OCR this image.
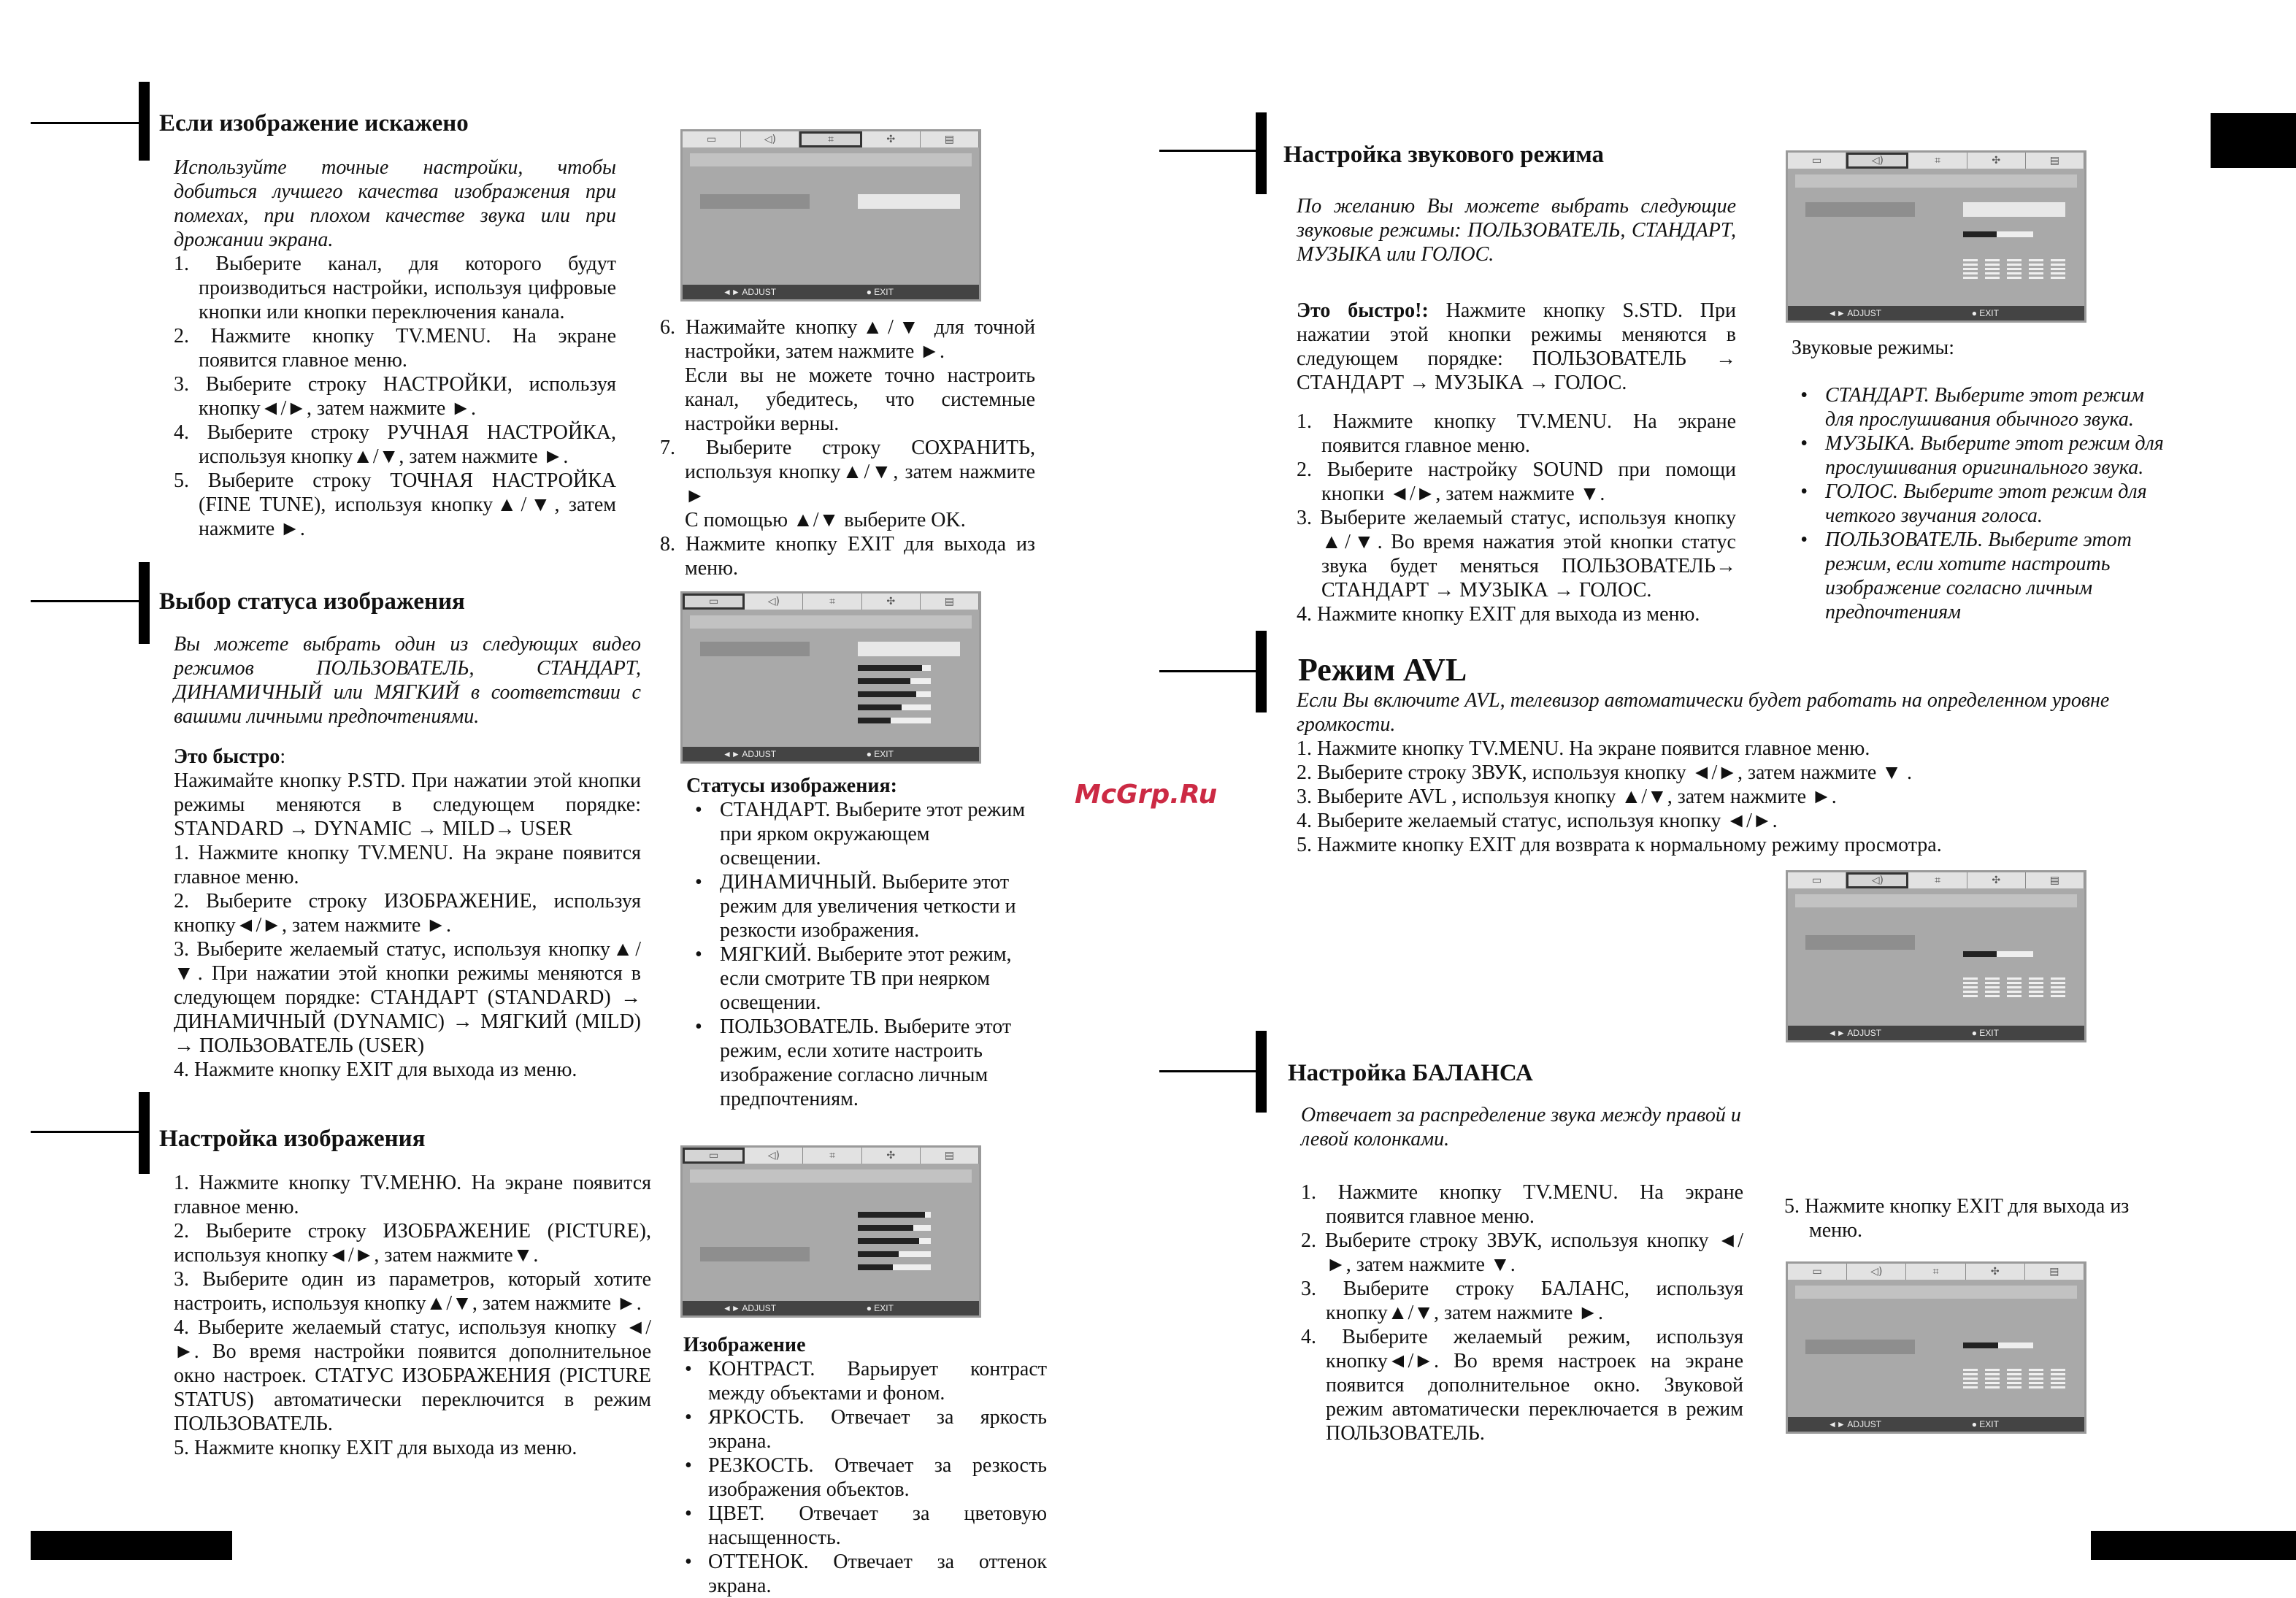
McGrp.Ru
Если изображение искажено

Используйте точные настройки, чтобы добиться лучшего качества изображения при помехах, при плохом качестве звука или при дрожании экрана.

1. Выберите канал, для которого будут производиться настройки, используя цифровые кнопки или кнопки переключения канала.

2. Нажмите кнопку TV.MENU. На экране появится главное меню.

3. Выберите строку НАСТРОЙКИ, используя кнопку◄/►, затем нажмите ►.

4. Выберите строку РУЧНАЯ НАСТРОЙКА, используя кнопку▲/▼, затем нажмите ►.

5. Выберите строку ТОЧНАЯ НАСТРОЙКА (FINE TUNE), используя кнопку▲/▼, затем нажмите ►.

▭	◁)	⌗	✣	▤
◄► ADJUST	● EXIT

6. Нажимайте кнопку▲/▼ для точной настройки, затем нажмите ►.

Если вы не можете точно настроить канал, убедитесь, что системные настройки верны.

7. Выберите строку СОХРАНИТЬ, используя кнопку▲/▼, затем нажмите ►

С помощью ▲/▼ выберите OK.

8. Нажмите кнопку EXIT для выхода из меню.

Выбор статуса изображения

Вы можете выбрать один из следующих видео режимов ПОЛЬЗОВАТЕЛЬ, СТАНДАРТ, ДИНАМИЧНЫЙ или МЯГКИЙ в соответствии с вашими личными предпочтениями.

Это быстро:

Нажимайте кнопку P.STD. При нажатии этой кнопки режимы меняются в следующем порядке: STANDARD → DYNAMIC → MILD→ USER

1. Нажмите кнопку TV.MENU. На экране появится главное меню.

2. Выберите строку ИЗОБРАЖЕНИЕ, используя кнопку◄/►, затем нажмите ►.

3. Выберите желаемый статус, используя кнопку▲/▼. При нажатии этой кнопки режимы меняются в следующем порядке: СТАНДАРТ (STANDARD) → ДИНАМИЧНЫЙ (DYNAMIC) → МЯГКИЙ (MILD) → ПОЛЬЗОВАТЕЛЬ (USER)

4. Нажмите кнопку EXIT для выхода из меню.

▭	◁)	⌗	✣	▤
◄► ADJUST	● EXIT

Статусы изображения:

• СТАНДАРТ. Выберите этот режим при ярком окружающем освещении.
• ДИНАМИЧНЫЙ. Выберите этот режим для увеличения четкости и резкости изображения.
• МЯГКИЙ. Выберите этот режим, если смотрите ТВ при неярком освещении.
• ПОЛЬЗОВАТЕЛЬ. Выберите этот режим, если хотите настроить изображение согласно личным предпочтениям.
Настройка изображения

1. Нажмите кнопку TV.МЕНЮ. На экране появится главное меню.

2. Выберите строку ИЗОБРАЖЕНИЕ (PICTURE), используя кнопку◄/►, затем нажмите▼.

3. Выберите один из параметров, который хотите настроить, используя кнопку▲/▼, затем нажмите ►.

4. Выберите желаемый статус, используя кнопку ◄/►. Во время настройки появится дополнительное окно настроек. СТАТУС ИЗОБРАЖЕНИЯ (PICTURE STATUS) автоматически переключится в режим ПОЛЬЗОВАТЕЛЬ.

5. Нажмите кнопку EXIT для выхода из меню.

▭	◁)	⌗	✣	▤
◄► ADJUST	● EXIT

Изображение

• КОНТРАСТ. Варьирует контраст между объектами и фоном.
• ЯРКОСТЬ. Отвечает за яркость экрана.
• РЕЗКОСТЬ. Отвечает за резкость изображения объектов.
• ЦВЕТ. Отвечает за цветовую насыщенность.
• ОТТЕНОК. Отвечает за оттенок экрана.
Настройка звукового режима

По желанию Вы можете выбрать следующие звуковые режимы: ПОЛЬЗОВАТЕЛЬ, СТАНДАРТ, МУЗЫКА или ГОЛОС.

Это быстро!: Нажмите кнопку S.STD. При нажатии этой кнопки режимы меняются в следующем порядке: ПОЛЬЗОВАТЕЛЬ → СТАНДАРТ → МУЗЫКА → ГОЛОС.

1. Нажмите кнопку TV.MENU. На экране появится главное меню.

2. Выберите настройку SOUND при помощи кнопки ◄/►, затем нажмите ▼.

3. Выберите желаемый статус, используя кнопку ▲/▼. Во время нажатия этой кнопки статус звука будет меняться ПОЛЬЗОВАТЕЛЬ→ СТАНДАРТ → МУЗЫКА → ГОЛОС.

4. Нажмите кнопку EXIT для выхода из меню.

▭	◁)	⌗	✣	▤
◄► ADJUST	● EXIT

Звуковые режимы:

• СТАНДАРТ. Выберите этот режим для прослушивания обычного звука.
• МУЗЫКА. Выберите этот режим для прослушивания оригинального звука.
• ГОЛОС. Выберите этот режим для четкого звучания голоса.
• ПОЛЬЗОВАТЕЛЬ. Выберите этот режим, если хотите настроить изображение согласно личным предпочтениям
Режим AVL

Если Вы включите AVL, телевизор автоматически будет работать на определенном уровне громкости.

1. Нажмите кнопку TV.MENU. На экране появится главное меню.

2. Выберите строку ЗВУК, используя кнопку ◄/►, затем нажмите ▼ .

3. Выберите AVL , используя кнопку ▲/▼, затем нажмите ►.

4. Выберите желаемый статус, используя кнопку ◄/►.

5. Нажмите кнопку EXIT для возврата к нормальному режиму просмотра.

▭	◁)	⌗	✣	▤
◄► ADJUST	● EXIT
Настройка БАЛАНСА

Отвечает за распределение звука между правой и левой колонками.

1. Нажмите кнопку TV.MENU. На экране появится главное меню.

2. Выберите строку ЗВУК, используя кнопку ◄/►, затем нажмите ▼.

3. Выберите строку БАЛАНС, используя кнопку▲/▼, затем нажмите ►.

4. Выберите желаемый режим, используя кнопку◄/►. Во время настроек на экране появится дополнительное окно. Звуковой режим автоматически переключается в режим ПОЛЬЗОВАТЕЛЬ.

5. Нажмите кнопку EXIT для выхода из меню.

▭	◁)	⌗	✣	▤
◄► ADJUST	● EXIT
